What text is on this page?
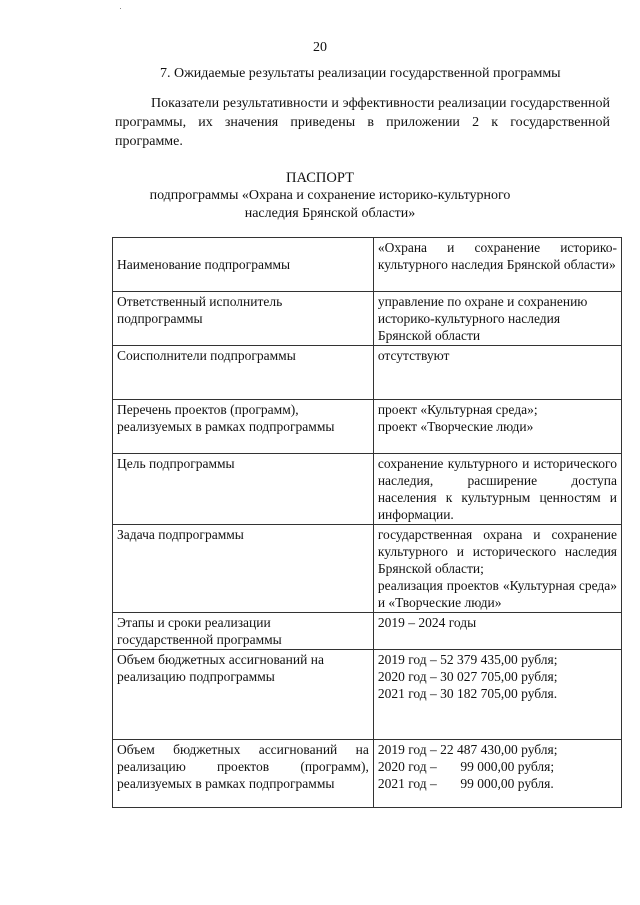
20
7. Ожидаемые результаты реализации государственной программы
Показатели результативности и эффективности реализации государственной программы, их значения приведены в приложении 2 к государственной программе.
ПАСПОРТ
подпрограммы «Охрана и сохранение историко-культурного наследия Брянской области»
Наименование подпрограммы	«Охрана и сохранение историко-культурного наследия Брянской области»
Ответственный исполнитель подпрограммы	управление по охране и сохранению историко-культурного наследия Брянской области
Соисполнители подпрограммы	отсутствуют
Перечень проектов (программ), реализуемых в рамках подпрограммы	проект «Культурная среда»;
проект «Творческие люди»
Цель подпрограммы	сохранение культурного и исторического наследия, расширение доступа населения к культурным ценностям и информации.
Задача подпрограммы	государственная охрана и сохранение культурного и исторического наследия Брянской области;
реализация проектов «Культурная среда» и «Творческие люди»
Этапы и сроки реализации государственной программы	2019 – 2024 годы
Объем бюджетных ассигнований на реализацию подпрограммы	2019 год – 52 379 435,00 рубля;
2020 год – 30 027 705,00 рубля;
2021 год – 30 182 705,00 рубля.
Объем бюджетных ассигнований на реализацию проектов (программ), реализуемых в рамках подпрограммы	2019 год – 22 487 430,00 рубля;
2020 год –       99 000,00 рубля;
2021 год –       99 000,00 рубля.
